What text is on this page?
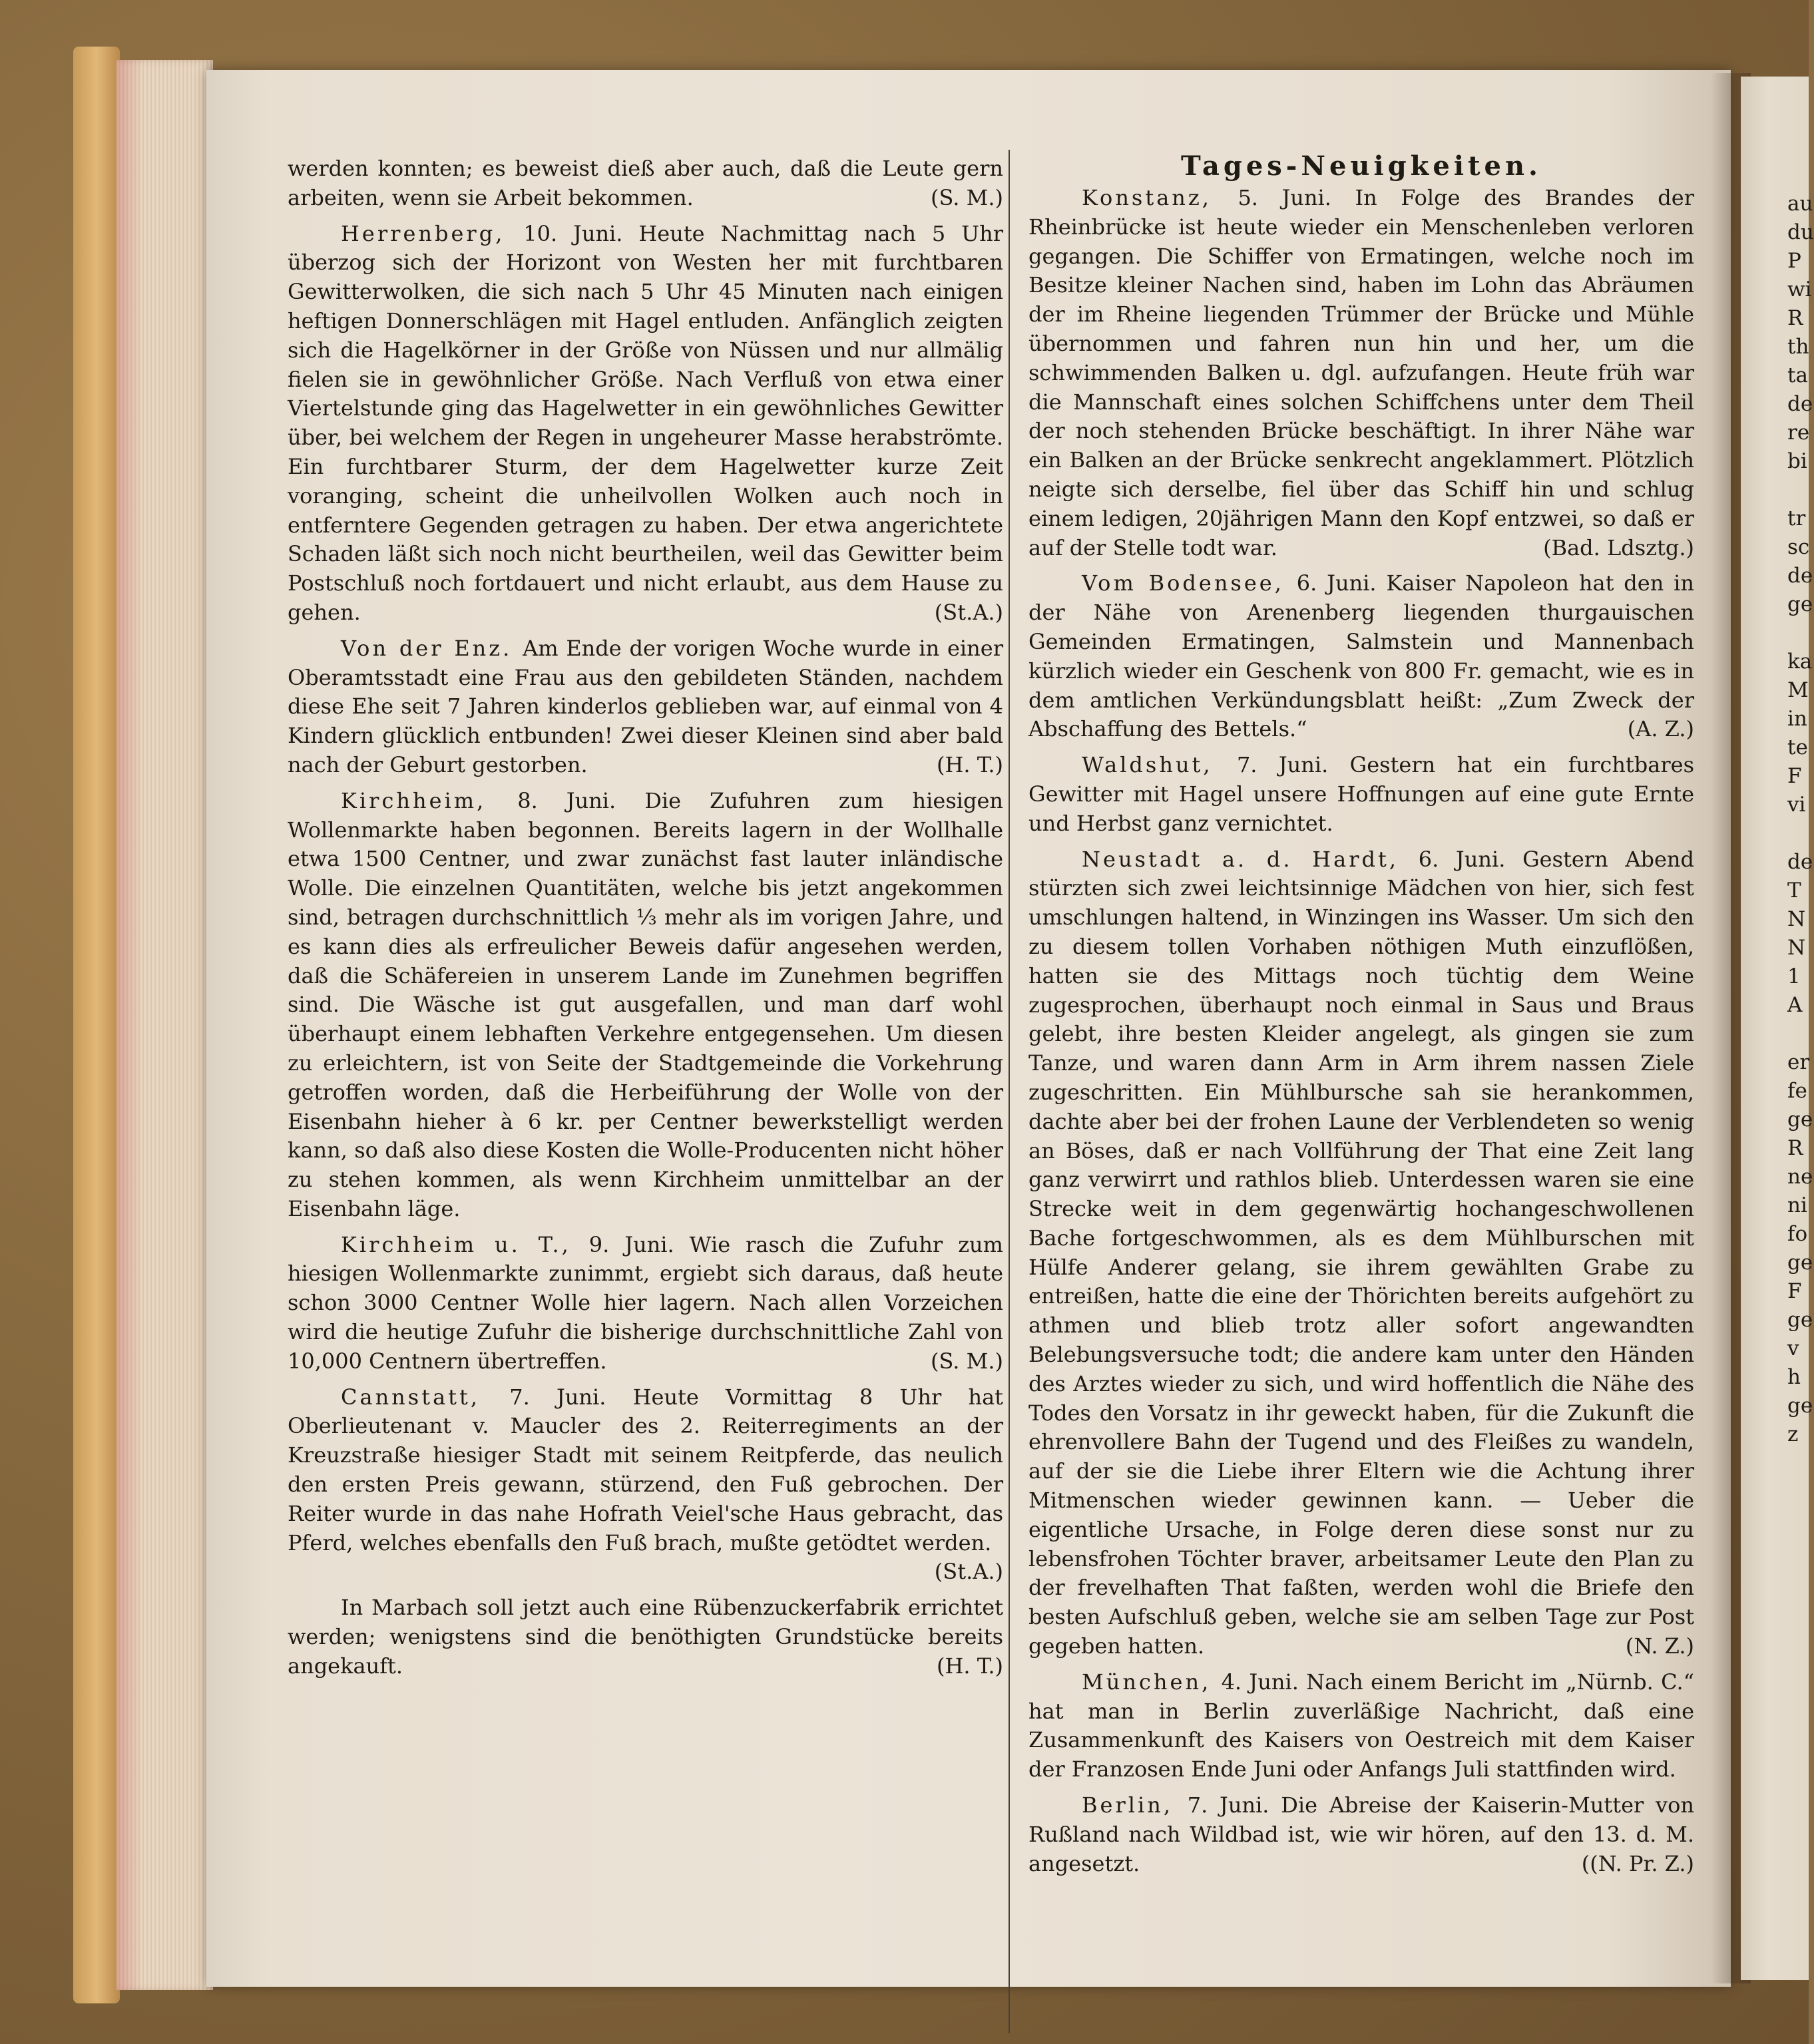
werden konnten; es beweist dieß aber auch, daß die Leute gern arbeiten, wenn sie Arbeit bekommen.	(S. M.)

Herrenberg, 10. Juni. Heute Nachmittag nach 5 Uhr überzog sich der Horizont von Westen her mit furchtbaren Gewitterwolken, die sich nach 5 Uhr 45 Minuten nach einigen heftigen Donnerschlägen mit Hagel entluden. Anfänglich zeigten sich die Hagelkörner in der Größe von Nüssen und nur allmälig fielen sie in gewöhnlicher Größe. Nach Verfluß von etwa einer Viertelstunde ging das Hagelwetter in ein gewöhnliches Gewitter über, bei welchem der Regen in ungeheurer Masse herabströmte. Ein furchtbarer Sturm, der dem Hagelwetter kurze Zeit voranging, scheint die unheilvollen Wolken auch noch in entferntere Gegenden getragen zu haben. Der etwa angerichtete Schaden läßt sich noch nicht beurtheilen, weil das Gewitter beim Postschluß noch fortdauert und nicht erlaubt, aus dem Hause zu gehen.	(St.A.)

Von der Enz. Am Ende der vorigen Woche wurde in einer Oberamtsstadt eine Frau aus den gebildeten Ständen, nachdem diese Ehe seit 7 Jahren kinderlos geblieben war, auf einmal von 4 Kindern glücklich entbunden! Zwei dieser Kleinen sind aber bald nach der Geburt gestorben.	(H. T.)

Kirchheim, 8. Juni. Die Zufuhren zum hiesigen Wollenmarkte haben begonnen. Bereits lagern in der Wollhalle etwa 1500 Centner, und zwar zunächst fast lauter inländische Wolle. Die einzelnen Quantitäten, welche bis jetzt angekommen sind, betragen durchschnittlich ⅓ mehr als im vorigen Jahre, und es kann dies als erfreulicher Beweis dafür angesehen werden, daß die Schäfereien in unserem Lande im Zunehmen begriffen sind. Die Wäsche ist gut ausgefallen, und man darf wohl überhaupt einem lebhaften Verkehre entgegensehen. Um diesen zu erleichtern, ist von Seite der Stadtgemeinde die Vorkehrung getroffen worden, daß die Herbeiführung der Wolle von der Eisenbahn hieher à 6 kr. per Centner bewerkstelligt werden kann, so daß also diese Kosten die Wolle-Producenten nicht höher zu stehen kommen, als wenn Kirchheim unmittelbar an der Eisenbahn läge.

Kirchheim u. T., 9. Juni. Wie rasch die Zufuhr zum hiesigen Wollenmarkte zunimmt, ergiebt sich daraus, daß heute schon 3000 Centner Wolle hier lagern. Nach allen Vorzeichen wird die heutige Zufuhr die bisherige durchschnittliche Zahl von 10,000 Centnern übertreffen.	(S. M.)

Cannstatt, 7. Juni. Heute Vormittag 8 Uhr hat Oberlieutenant v. Maucler des 2. Reiterregiments an der Kreuzstraße hiesiger Stadt mit seinem Reitpferde, das neulich den ersten Preis gewann, stürzend, den Fuß gebrochen. Der Reiter wurde in das nahe Hofrath Veiel'sche Haus gebracht, das Pferd, welches ebenfalls den Fuß brach, mußte getödtet werden.
(St.A.)

In Marbach soll jetzt auch eine Rübenzuckerfabrik errichtet werden; wenigstens sind die benöthigten Grundstücke bereits angekauft.	(H. T.)

Tages-Neuigkeiten.

Konstanz, 5. Juni. In Folge des Brandes der Rheinbrücke ist heute wieder ein Menschenleben verloren gegangen. Die Schiffer von Ermatingen, welche noch im Besitze kleiner Nachen sind, haben im Lohn das Abräumen der im Rheine liegenden Trümmer der Brücke und Mühle übernommen und fahren nun hin und her, um die schwimmenden Balken u. dgl. aufzufangen. Heute früh war die Mannschaft eines solchen Schiffchens unter dem Theil der noch stehenden Brücke beschäftigt. In ihrer Nähe war ein Balken an der Brücke senkrecht angeklammert. Plötzlich neigte sich derselbe, fiel über das Schiff hin und schlug einem ledigen, 20jährigen Mann den Kopf entzwei, so daß er auf der Stelle todt war.	(Bad. Ldsztg.)

Vom Bodensee, 6. Juni. Kaiser Napoleon hat den in der Nähe von Arenenberg liegenden thurgauischen Gemeinden Ermatingen, Salmstein und Mannenbach kürzlich wieder ein Geschenk von 800 Fr. gemacht, wie es in dem amtlichen Verkündungsblatt heißt: „Zum Zweck der Abschaffung des Bettels.“	(A. Z.)

Waldshut, 7. Juni. Gestern hat ein furchtbares Gewitter mit Hagel unsere Hoffnungen auf eine gute Ernte und Herbst ganz vernichtet.

Neustadt a. d. Hardt, 6. Juni. Gestern Abend stürzten sich zwei leichtsinnige Mädchen von hier, sich fest umschlungen haltend, in Winzingen ins Wasser. Um sich den zu diesem tollen Vorhaben nöthigen Muth einzuflößen, hatten sie des Mittags noch tüchtig dem Weine zugesprochen, überhaupt noch einmal in Saus und Braus gelebt, ihre besten Kleider angelegt, als gingen sie zum Tanze, und waren dann Arm in Arm ihrem nassen Ziele zugeschritten. Ein Mühlbursche sah sie herankommen, dachte aber bei der frohen Laune der Verblendeten so wenig an Böses, daß er nach Vollführung der That eine Zeit lang ganz verwirrt und rathlos blieb. Unterdessen waren sie eine Strecke weit in dem gegenwärtig hochangeschwollenen Bache fortgeschwommen, als es dem Mühlburschen mit Hülfe Anderer gelang, sie ihrem gewählten Grabe zu entreißen, hatte die eine der Thörichten bereits aufgehört zu athmen und blieb trotz aller sofort angewandten Belebungsversuche todt; die andere kam unter den Händen des Arztes wieder zu sich, und wird hoffentlich die Nähe des Todes den Vorsatz in ihr geweckt haben, für die Zukunft die ehrenvollere Bahn der Tugend und des Fleißes zu wandeln, auf der sie die Liebe ihrer Eltern wie die Achtung ihrer Mitmenschen wieder gewinnen kann. — Ueber die eigentliche Ursache, in Folge deren diese sonst nur zu lebensfrohen Töchter braver, arbeitsamer Leute den Plan zu der frevelhaften That faßten, werden wohl die Briefe den besten Aufschluß geben, welche sie am selben Tage zur Post gegeben hatten.	(N. Z.)

München, 4. Juni. Nach einem Bericht im „Nürnb. C.“ hat man in Berlin zuverläßige Nachricht, daß eine Zusammenkunft des Kaisers von Oestreich mit dem Kaiser der Franzosen Ende Juni oder Anfangs Juli stattfinden wird.

Berlin, 7. Juni. Die Abreise der Kaiserin-Mutter von Rußland nach Wildbad ist, wie wir hören, auf den 13. d. M. angesetzt.	((N. Pr. Z.)

au
du
P
wi
R
th
ta
de
re
bi
tr
sc
de
ge
ka
M
in
te
F
vi
de
T
N
N
1
A
er
fe
ge
R
ne
ni
fo
ge
F
ge
v
h
ge
z
